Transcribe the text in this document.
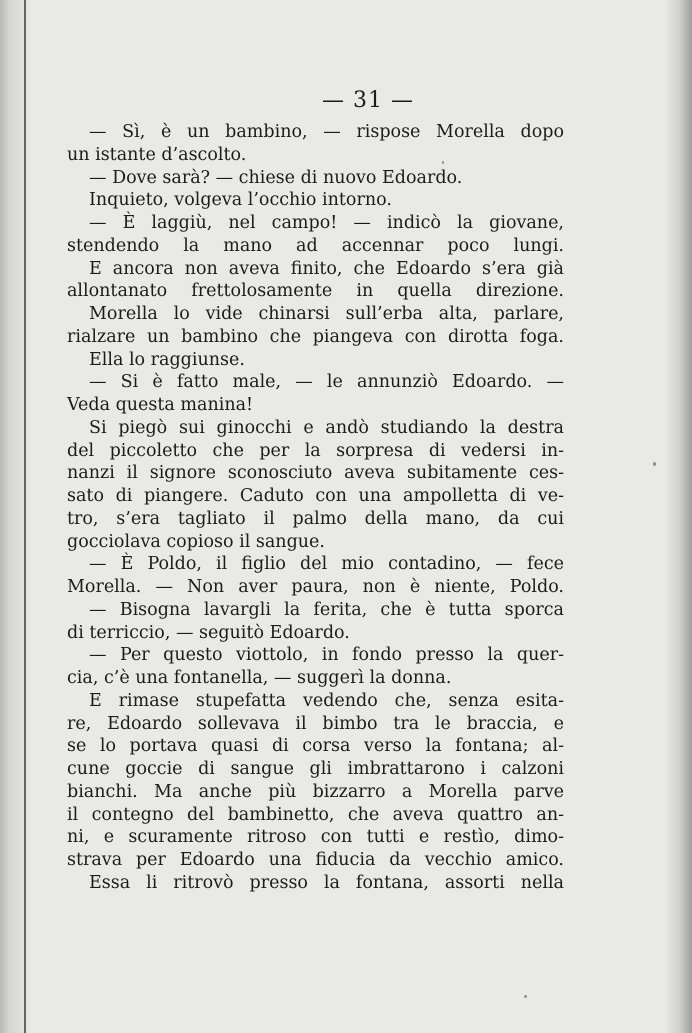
— 31 —

— Sì, è un bambino, — rispose Morella dopo
un istante d’ascolto.
— Dove sarà? — chiese di nuovo Edoardo.
Inquieto, volgeva l’occhio intorno.
— È laggiù, nel campo! — indicò la giovane,
stendendo la mano ad accennar poco lungi.
E ancora non aveva finito, che Edoardo s’era già
allontanato frettolosamente in quella direzione.
Morella lo vide chinarsi sull’erba alta, parlare,
rialzare un bambino che piangeva con dirotta foga.
Ella lo raggiunse.
— Si è fatto male, — le annunziò Edoardo. —
Veda questa manina!
Si piegò sui ginocchi e andò studiando la destra
del piccoletto che per la sorpresa di vedersi in-
nanzi il signore sconosciuto aveva subitamente ces-
sato di piangere. Caduto con una ampolletta di ve-
tro, s’era tagliato il palmo della mano, da cui
gocciolava copioso il sangue.
— È Poldo, il figlio del mio contadino, — fece
Morella. — Non aver paura, non è niente, Poldo.
— Bisogna lavargli la ferita, che è tutta sporca
di terriccio, — seguitò Edoardo.
— Per questo viottolo, in fondo presso la quer-
cia, c’è una fontanella, — suggerì la donna.
E rimase stupefatta vedendo che, senza esita-
re, Edoardo sollevava il bimbo tra le braccia, e
se lo portava quasi di corsa verso la fontana; al-
cune goccie di sangue gli imbrattarono i calzoni
bianchi. Ma anche più bizzarro a Morella parve
il contegno del bambinetto, che aveva quattro an-
ni, e scuramente ritroso con tutti e restìo, dimo-
strava per Edoardo una fiducia da vecchio amico.
Essa li ritrovò presso la fontana, assorti nella
